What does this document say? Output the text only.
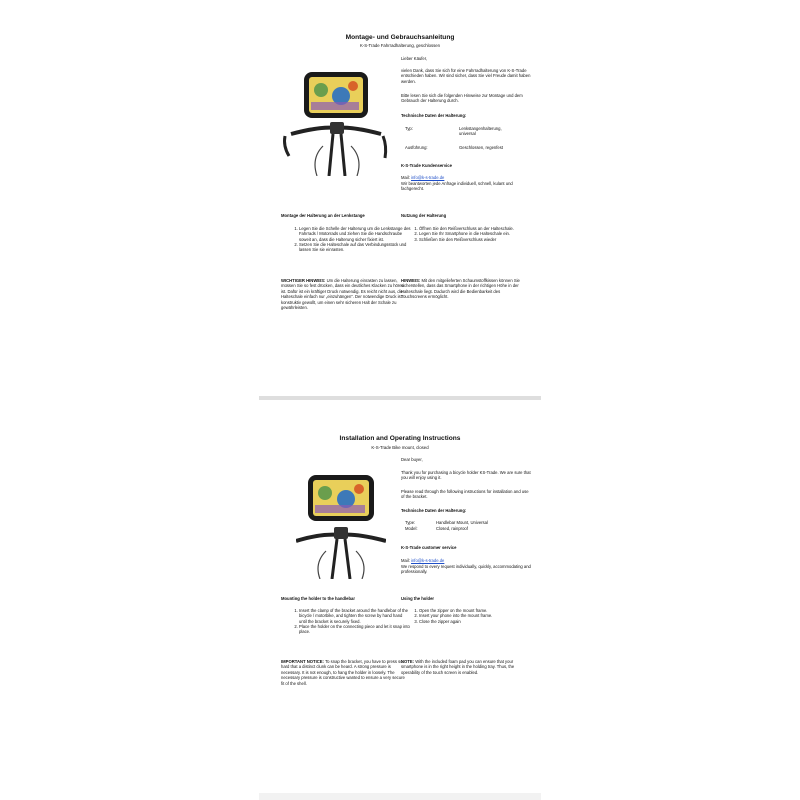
Montage- und Gebrauchsanleitung
K-S-Trade Fahrradhalterung, geschlossen
Lieber Käufer,
vielen Dank, dass Sie sich für eine Fahrradhalterung von K-S-Trade entschieden haben. Wir sind sicher, dass Sie viel Freude damit haben werden.
Bitte lesen Sie sich die folgenden Hinweise zur Montage und dem Gebrauch der Halterung durch.
Technische Daten der Halterung:
Typ:	Lenkstangenhalterung, universal
Ausführung:	Geschlossen, regenfest
K-S-Trade Kundenservice
Mail: info@k-s-trade.de
Wir beantworten jede Anfrage individuell, schnell, kulant und fachgerecht.
Montage der Halterung an der Lenkstange
1. Legen Sie die Schelle der Halterung um die Lenkstange des Fahrrads / Motorrads und ziehen Sie die Handschraube soweit an, dass die Halterung sicher fixiert ist.
2. Setzen Sie die Halteschale auf das Verbindungsstück und lassen Sie sie einrasten.
WICHTIGER HINWEIS: Um die Halterung einrasten zu lassen, müssen Sie so fest drücken, dass ein deutliches Klacken zu hören ist. Dafür ist ein kräftiger Druck notwendig. Es reicht nicht aus, die Halteschale einfach nur „einzuhängen“. Der notwendige Druck ist konstruktiv gewollt, um einen sehr sicheren Halt der Schale zu gewährleisten.
Nutzung der Halterung
1. Öffnen Sie den Reißverschluss an der Halteschale.
2. Legen Sie Ihr Smartphone in die Halteschale ein.
3. Schließen Sie den Reißverschluss wieder
HINWEIS: Mit den mitgelieferten Schaumstoffkissen können Sie sicherstellen, dass das Smartphone in der richtigen Höhe in der Halteschale liegt. Dadurch wird die Bedienbarkeit des Touchscreens ermöglicht.
Installation and Operating Instructions
K-S-Trade Bike mount, closed
Dear buyer,
Thank you for purchasing a bicycle holder KS-Trade. We are sure that you will enjoy using it.
Please read through the following instructions for installation and use of the bracket.
Technische Daten der Halterung:
Type:	Handlebar Mount, Universal
Model:	Closed, rainproof
K-S-Trade customer service
Mail: info@k-s-trade.de
We respond to every request individually, quickly, accommodating and professionally.
Mounting the holder to the handlebar
1. Insert the clamp of the bracket around the handlebar of the bicycle / motorbike, and tighten the screw by hand hand until the bracket is securely fixed.
2. Place the holder on the connecting piece and let it snap into place.
IMPORTANT NOTICE: To snap the bracket, you have to press so hard that a distinct clunk can be heard. A strong pressure is necessary. It is not enough, to hang the holder in loosely. The necessary pressure is constructive wanted to ensure a very secure fit of the shell.
Using the holder
1. Open the zipper on the mount frame.
2. Insert your phone into the mount frame.
3. Close the zipper again
NOTE: With the included foam pad you can ensure that your smartphone is in the right height in the holding tray. Thus, the operability of the touch screen is enabled.
